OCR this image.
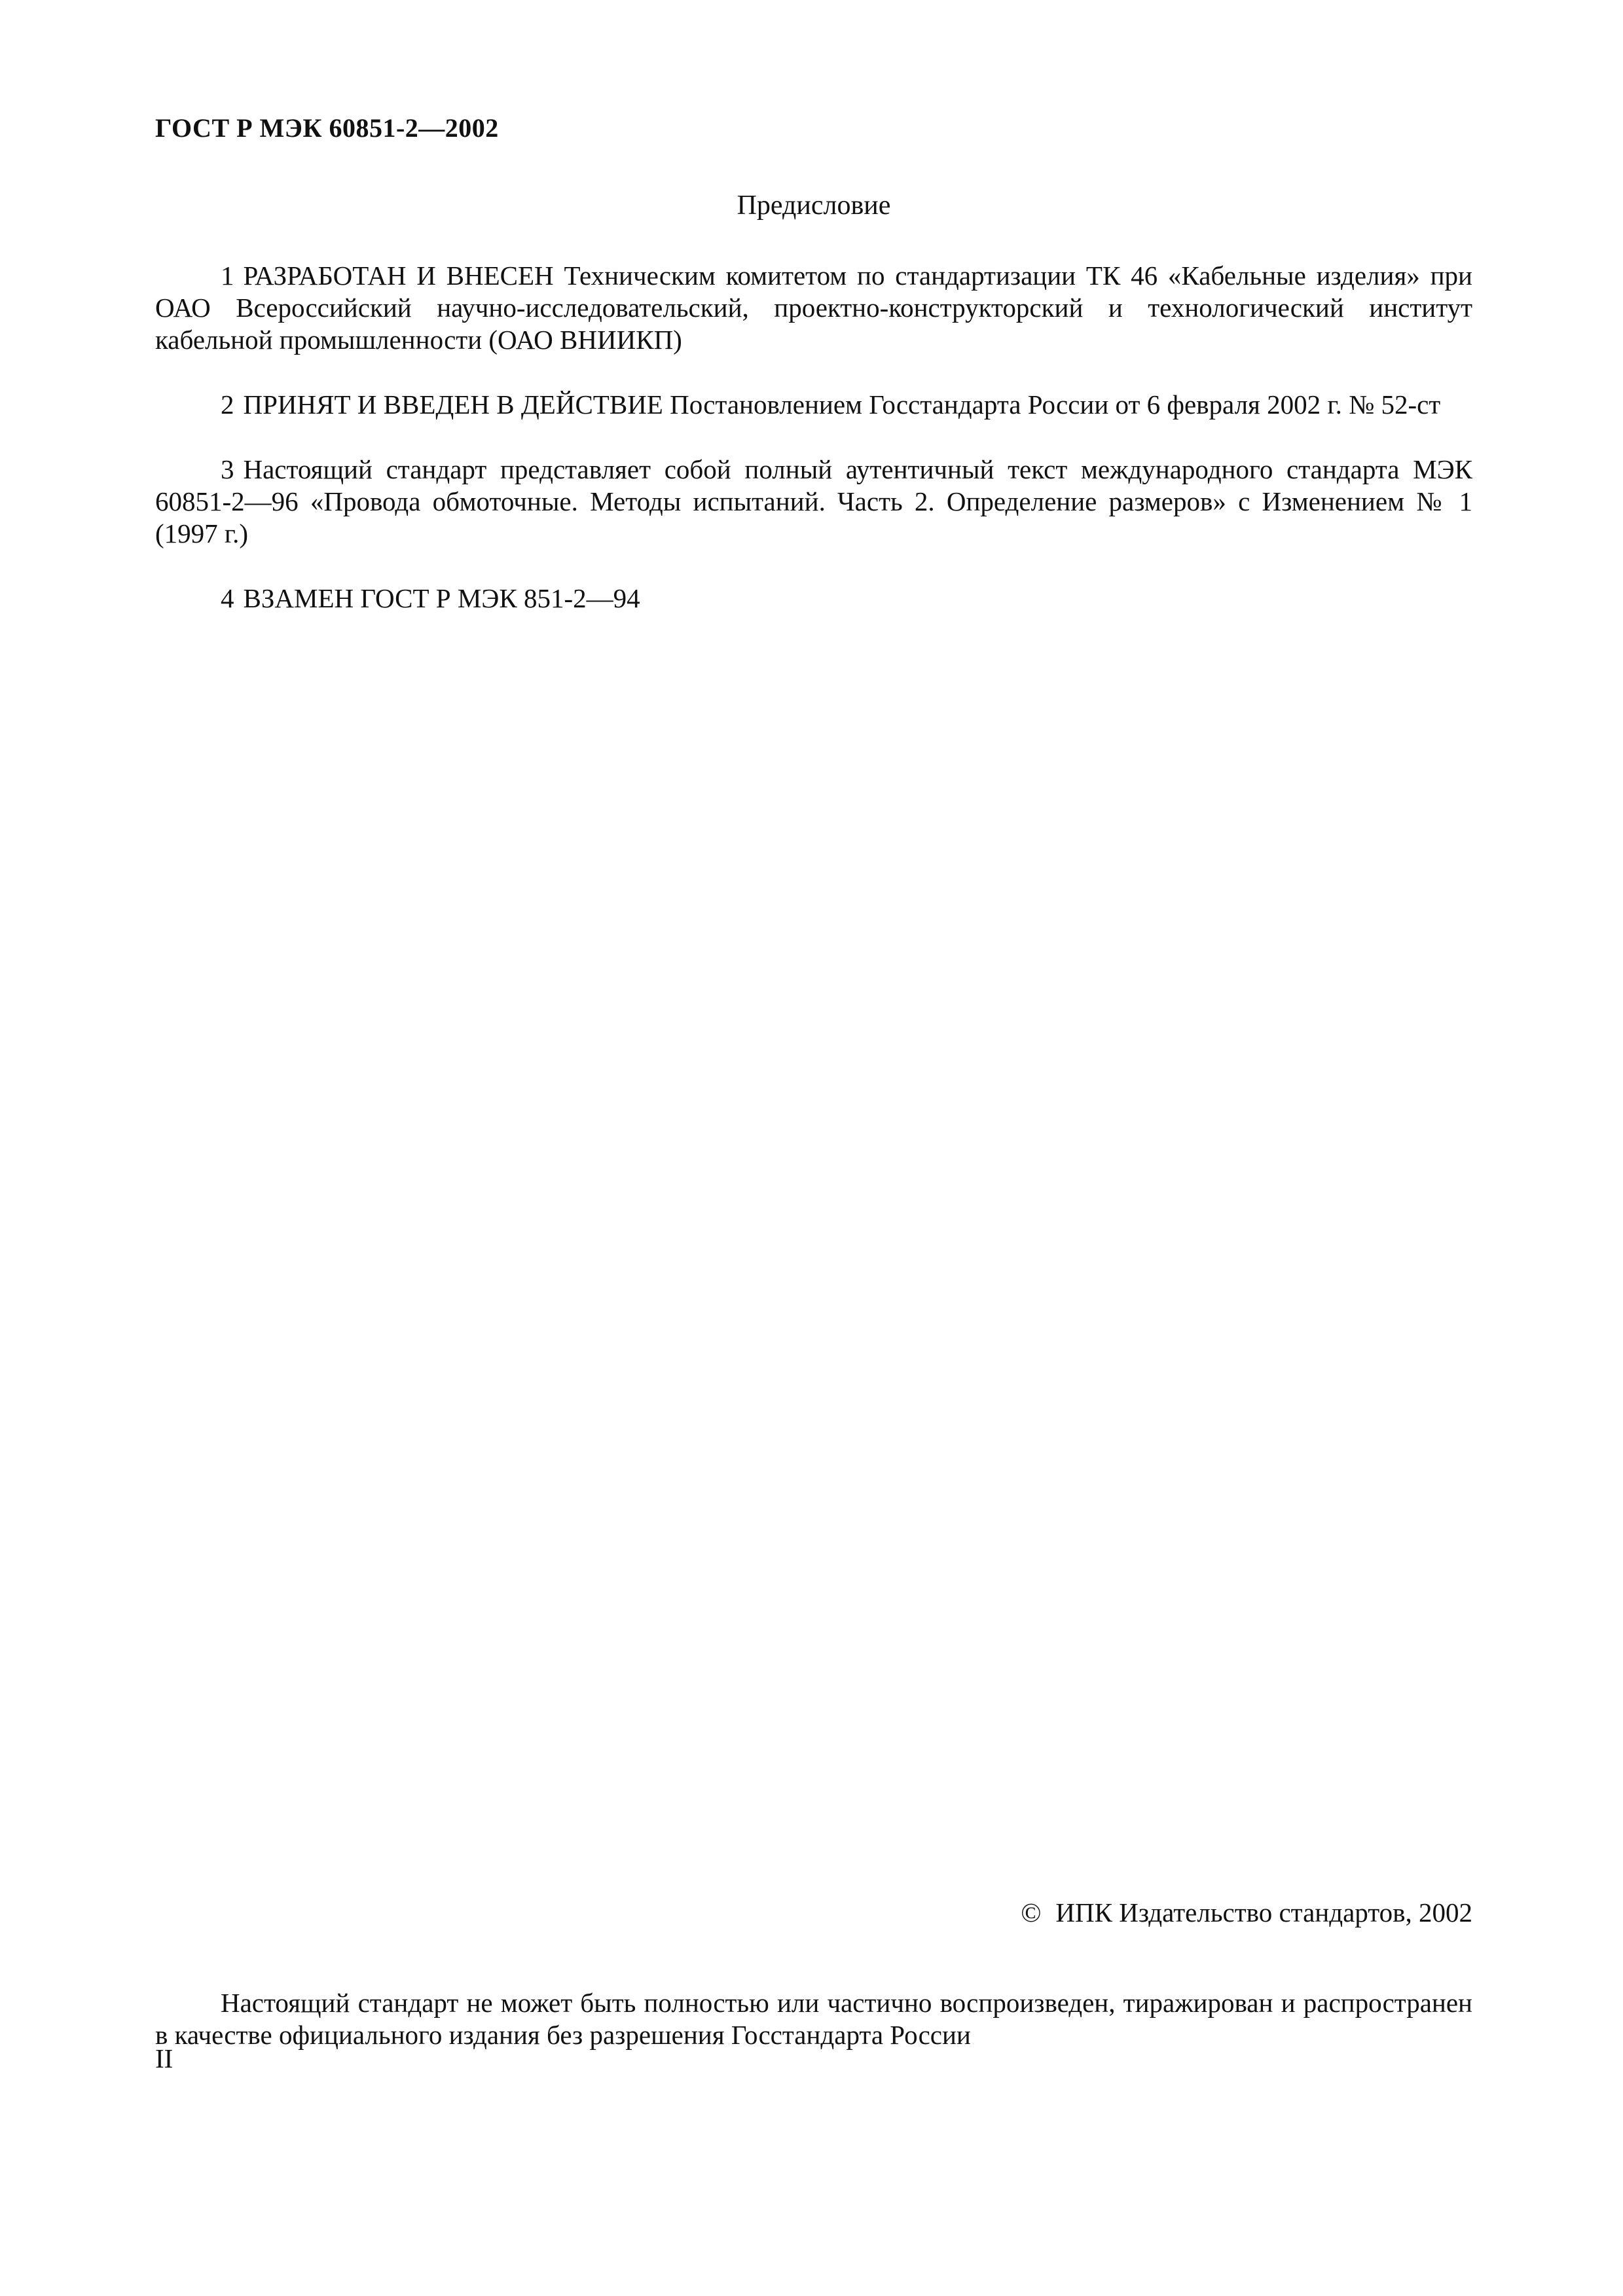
ГОСТ Р МЭК 60851-2—2002
Предисловие

1 РАЗРАБОТАН И ВНЕСЕН Техническим комитетом по стандартизации ТК 46 «Кабельные изделия» при ОАО Всероссийский научно-исследовательский, проектно-конструкторский и технологический институт кабельной промышленности (ОАО ВНИИКП)

2 ПРИНЯТ И ВВЕДЕН В ДЕЙСТВИЕ Постановлением Госстандарта России от 6 февраля 2002 г. № 52-ст

3 Настоящий стандарт представляет собой полный аутентичный текст международного стандарта МЭК 60851-2—96 «Провода обмоточные. Методы испытаний. Часть 2. Определение размеров» с Изменением № 1 (1997 г.)

4 ВЗАМЕН ГОСТ Р МЭК 851-2—94

© ИПК Издательство стандартов, 2002

Настоящий стандарт не может быть полностью или частично воспроизведен, тиражирован и распространен в качестве официального издания без разрешения Госстандарта России

II
